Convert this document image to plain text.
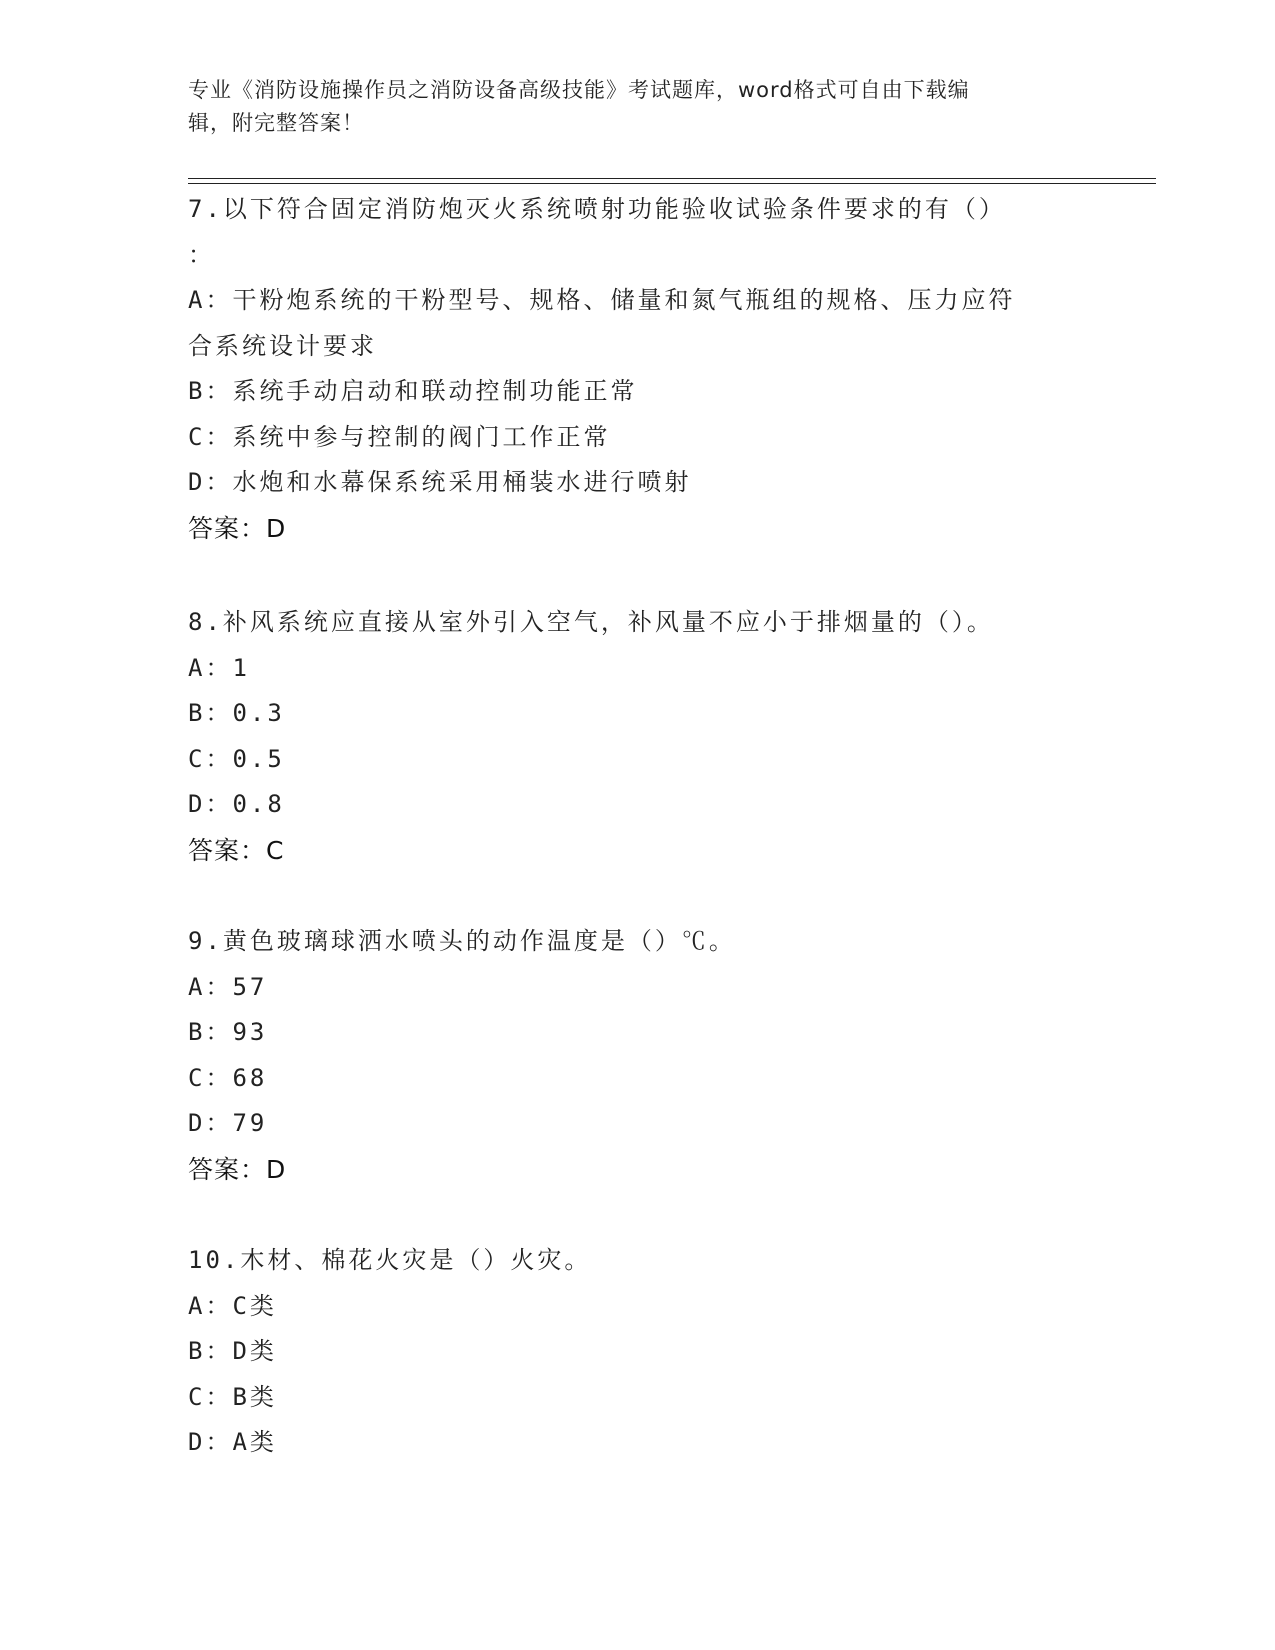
专业《消防设施操作员之消防设备高级技能》考试题库，word格式可自由下载编
辑，附完整答案！
7.以下符合固定消防炮灭火系统喷射功能验收试验条件要求的有（）
：
A：干粉炮系统的干粉型号、规格、储量和氮气瓶组的规格、压力应符
合系统设计要求
B：系统手动启动和联动控制功能正常
C：系统中参与控制的阀门工作正常
D：水炮和水幕保系统采用桶装水进行喷射
答案：D
8.补风系统应直接从室外引入空气，补风量不应小于排烟量的（）。
A：1
B：0.3
C：0.5
D：0.8
答案：C
9.黄色玻璃球洒水喷头的动作温度是（）℃。
A：57
B：93
C：68
D：79
答案：D
10.木材、棉花火灾是（）火灾。
A：C类
B：D类
C：B类
D：A类
